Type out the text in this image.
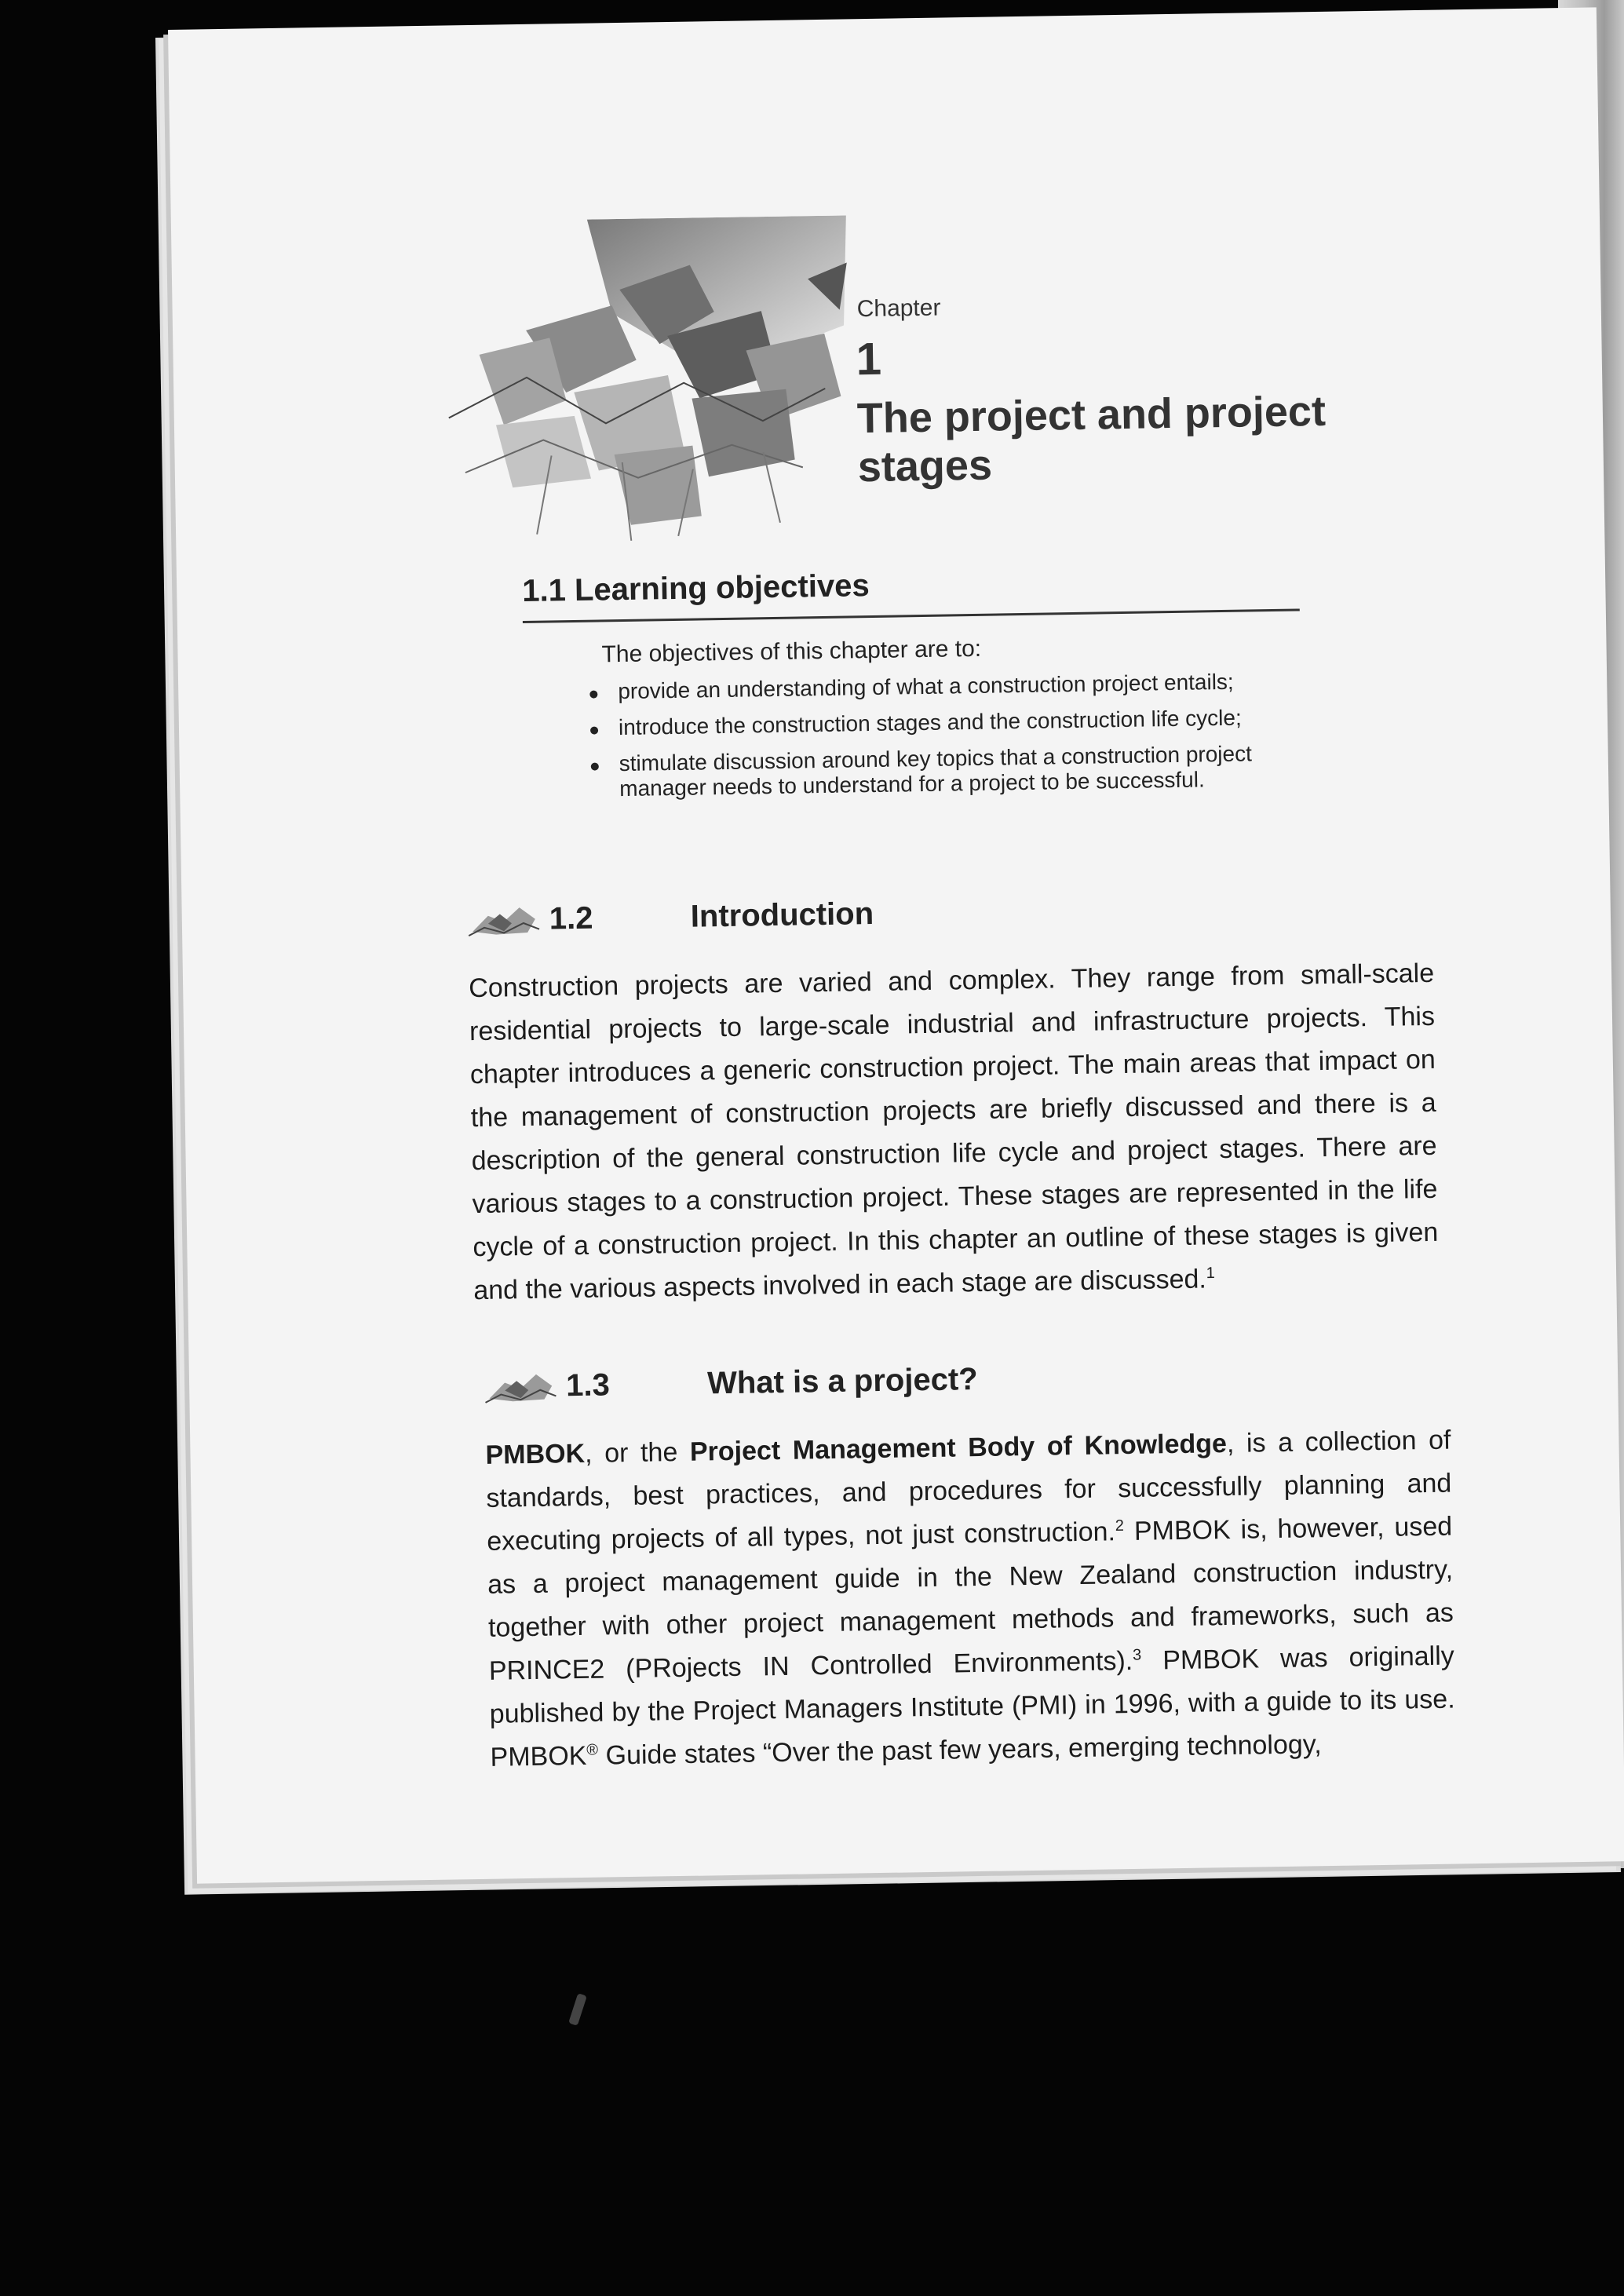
Chapter
1
The project and project stages
1.1 Learning objectives
The objectives of this chapter are to:
provide an understanding of what a construction project entails;
introduce the construction stages and the construction life cycle;
stimulate discussion around key topics that a construction project manager needs to understand for a project to be successful.
1.2	Introduction

Construction projects are varied and complex. They range from small-scale residential projects to large-scale industrial and infrastructure projects. This chapter introduces a generic construction project. The main areas that impact on the management of construction projects are briefly discussed and there is a description of the general construction life cycle and project stages. There are various stages to a construction project. These stages are represented in the life cycle of a construction project. In this chapter an outline of these stages is given and the various aspects involved in each stage are discussed.$^1$

1.3	What is a project?

PMBOK, or the Project Management Body of Knowledge, is a collection of standards, best practices, and procedures for successfully planning and executing projects of all types, not just construction.$^2$ PMBOK is, however, used as a project management guide in the New Zealand construction industry, together with other project management methods and frameworks, such as PRINCE2 (PRojects IN Controlled Environments).$^3$ PMBOK was originally published by the Project Managers Institute (PMI) in 1996, with a guide to its use. PMBOK® Guide states “Over the past few years, emerging technology,
